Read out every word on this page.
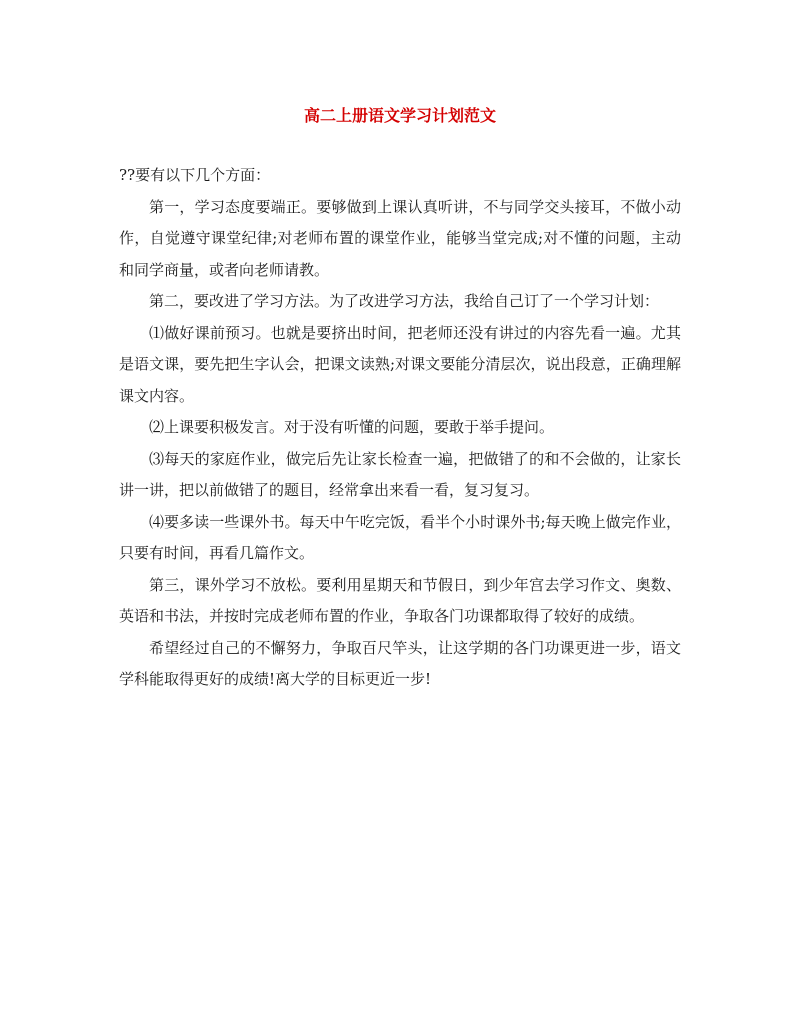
高二上册语文学习计划范文

??要有以下几个方面：

第一，学习态度要端正。要够做到上课认真听讲，不与同学交头接耳，不做小动作，自觉遵守课堂纪律;对老师布置的课堂作业，能够当堂完成;对不懂的问题，主动和同学商量，或者向老师请教。

第二，要改进了学习方法。为了改进学习方法，我给自己订了一个学习计划：

⑴做好课前预习。也就是要挤出时间，把老师还没有讲过的内容先看一遍。尤其是语文课，要先把生字认会，把课文读熟;对课文要能分清层次，说出段意，正确理解课文内容。

⑵上课要积极发言。对于没有听懂的问题，要敢于举手提问。

⑶每天的家庭作业，做完后先让家长检查一遍，把做错了的和不会做的，让家长讲一讲，把以前做错了的题目，经常拿出来看一看，复习复习。

⑷要多读一些课外书。每天中午吃完饭，看半个小时课外书;每天晚上做完作业，只要有时间，再看几篇作文。

第三，课外学习不放松。要利用星期天和节假日，到少年宫去学习作文、奥数、英语和书法，并按时完成老师布置的作业，争取各门功课都取得了较好的成绩。

希望经过自己的不懈努力，争取百尺竿头，让这学期的各门功课更进一步，语文学科能取得更好的成绩!离大学的目标更近一步!
